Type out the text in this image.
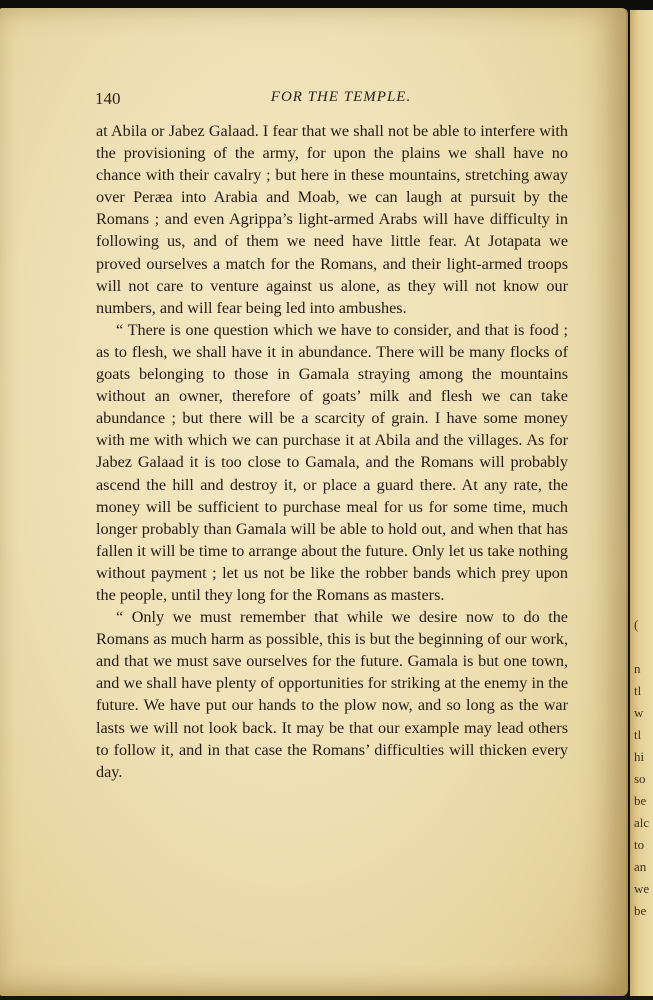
(
n
tl
w
tl
hi
so
be
alc
to
an
we
be
140	FOR THE TEMPLE.

at Abila or Jabez Galaad. I fear that we shall not be able to interfere with the provisioning of the army, for upon the plains we shall have no chance with their cavalry ; but here in these mountains, stretching away over Peræa into Arabia and Moab, we can laugh at pursuit by the Romans ; and even Agrippa’s light-armed Arabs will have difficulty in following us, and of them we need have little fear. At Jotapata we proved ourselves a match for the Romans, and their light-armed troops will not care to venture against us alone, as they will not know our numbers, and will fear being led into ambushes.

“ There is one question which we have to consider, and that is food ; as to flesh, we shall have it in abundance. There will be many flocks of goats belonging to those in Gamala straying among the mountains without an owner, therefore of goats’ milk and flesh we can take abundance ; but there will be a scarcity of grain. I have some money with me with which we can purchase it at Abila and the villages. As for Jabez Galaad it is too close to Gamala, and the Romans will probably ascend the hill and destroy it, or place a guard there. At any rate, the money will be sufficient to purchase meal for us for some time, much longer probably than Gamala will be able to hold out, and when that has fallen it will be time to arrange about the future. Only let us take nothing without payment ; let us not be like the robber bands which prey upon the people, until they long for the Romans as masters.

“ Only we must remember that while we desire now to do the Romans as much harm as possible, this is but the beginning of our work, and that we must save ourselves for the future. Gamala is but one town, and we shall have plenty of opportunities for striking at the enemy in the future. We have put our hands to the plow now, and so long as the war lasts we will not look back. It may be that our example may lead others to follow it, and in that case the Romans’ difficulties will thicken every day.
